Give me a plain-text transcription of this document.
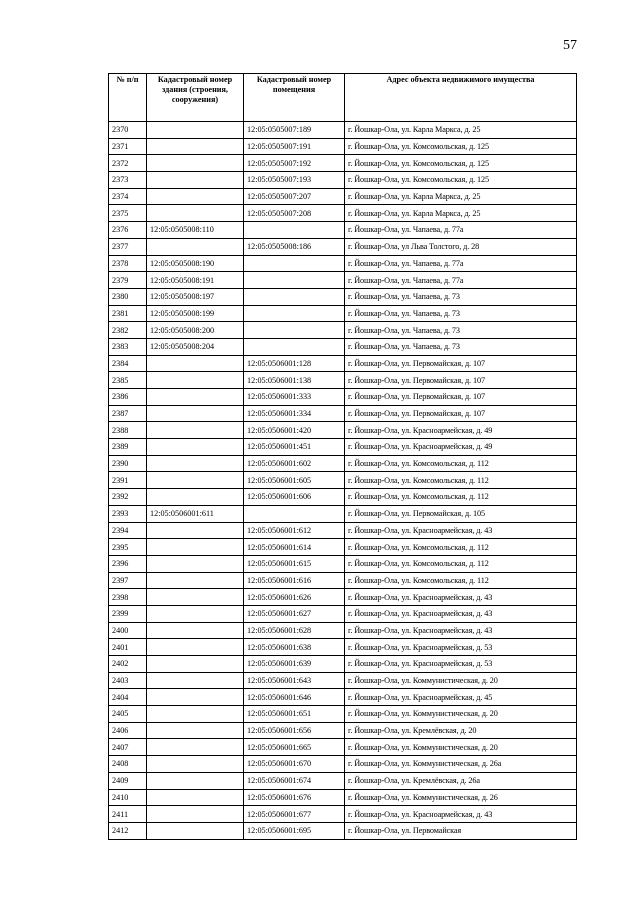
57
№ п/п	Кадастровый номер здания (строения, сооружения)	Кадастровый номер помещения	Адрес объекта недвижимого имущества
2370		12:05:0505007:189	г. Йошкар-Ола, ул. Карла Маркса, д. 25
2371		12:05:0505007:191	г. Йошкар-Ола, ул. Комсомольская, д. 125
2372		12:05:0505007:192	г. Йошкар-Ола, ул. Комсомольская, д. 125
2373		12:05:0505007:193	г. Йошкар-Ола, ул. Комсомольская, д. 125
2374		12:05:0505007:207	г. Йошкар-Ола, ул. Карла Маркса, д. 25
2375		12:05:0505007:208	г. Йошкар-Ола, ул. Карла Маркса, д. 25
2376	12:05:0505008:110		г. Йошкар-Ола, ул. Чапаева, д. 77а
2377		12:05:0505008:186	г. Йошкар-Ола, ул Льва Толстого, д. 28
2378	12:05:0505008:190		г. Йошкар-Ола, ул. Чапаева, д. 77а
2379	12:05:0505008:191		г. Йошкар-Ола, ул. Чапаева, д. 77а
2380	12:05:0505008:197		г. Йошкар-Ола, ул. Чапаева, д. 73
2381	12:05:0505008:199		г. Йошкар-Ола, ул. Чапаева, д. 73
2382	12:05:0505008:200		г. Йошкар-Ола, ул. Чапаева, д. 73
2383	12:05:0505008:204		г. Йошкар-Ола, ул. Чапаева, д. 73
2384		12:05:0506001:128	г. Йошкар-Ола, ул. Первомайская, д. 107
2385		12:05:0506001:138	г. Йошкар-Ола, ул. Первомайская, д. 107
2386		12:05:0506001:333	г. Йошкар-Ола, ул. Первомайская, д. 107
2387		12:05:0506001:334	г. Йошкар-Ола, ул. Первомайская, д. 107
2388		12:05:0506001:420	г. Йошкар-Ола, ул. Красноармейская, д. 49
2389		12:05:0506001:451	г. Йошкар-Ола, ул. Красноармейская, д. 49
2390		12:05:0506001:602	г. Йошкар-Ола, ул. Комсомольская, д. 112
2391		12:05:0506001:605	г. Йошкар-Ола, ул. Комсомольская, д. 112
2392		12:05:0506001:606	г. Йошкар-Ола, ул. Комсомольская, д. 112
2393	12:05:0506001:611		г. Йошкар-Ола, ул. Первомайская, д. 105
2394		12:05:0506001:612	г. Йошкар-Ола, ул. Красноармейская, д. 43
2395		12:05:0506001:614	г. Йошкар-Ола, ул. Комсомольская, д. 112
2396		12:05:0506001:615	г. Йошкар-Ола, ул. Комсомольская, д. 112
2397		12:05:0506001:616	г. Йошкар-Ола, ул. Комсомольская, д. 112
2398		12:05:0506001:626	г. Йошкар-Ола, ул. Красноармейская, д. 43
2399		12:05:0506001:627	г. Йошкар-Ола, ул. Красноармейская, д. 43
2400		12:05:0506001:628	г. Йошкар-Ола, ул. Красноармейская, д. 43
2401		12:05:0506001:638	г. Йошкар-Ола, ул. Красноармейская, д. 53
2402		12:05:0506001:639	г. Йошкар-Ола, ул. Красноармейская, д. 53
2403		12:05:0506001:643	г. Йошкар-Ола, ул. Коммунистическая, д. 20
2404		12:05:0506001:646	г. Йошкар-Ола, ул. Красноармейская, д. 45
2405		12:05:0506001:651	г. Йошкар-Ола, ул. Коммунистическая, д. 20
2406		12:05:0506001:656	г. Йошкар-Ола, ул. Кремлёвская, д. 20
2407		12:05:0506001:665	г. Йошкар-Ола, ул. Коммунистическая, д. 20
2408		12:05:0506001:670	г. Йошкар-Ола, ул. Коммунистическая, д. 26а
2409		12:05:0506001:674	г. Йошкар-Ола, ул. Кремлёвская, д. 26а
2410		12:05:0506001:676	г. Йошкар-Ола, ул. Коммунистическая, д. 26
2411		12:05:0506001:677	г. Йошкар-Ола, ул. Красноармейская, д. 43
2412		12:05:0506001:695	г. Йошкар-Ола, ул. Первомайская
